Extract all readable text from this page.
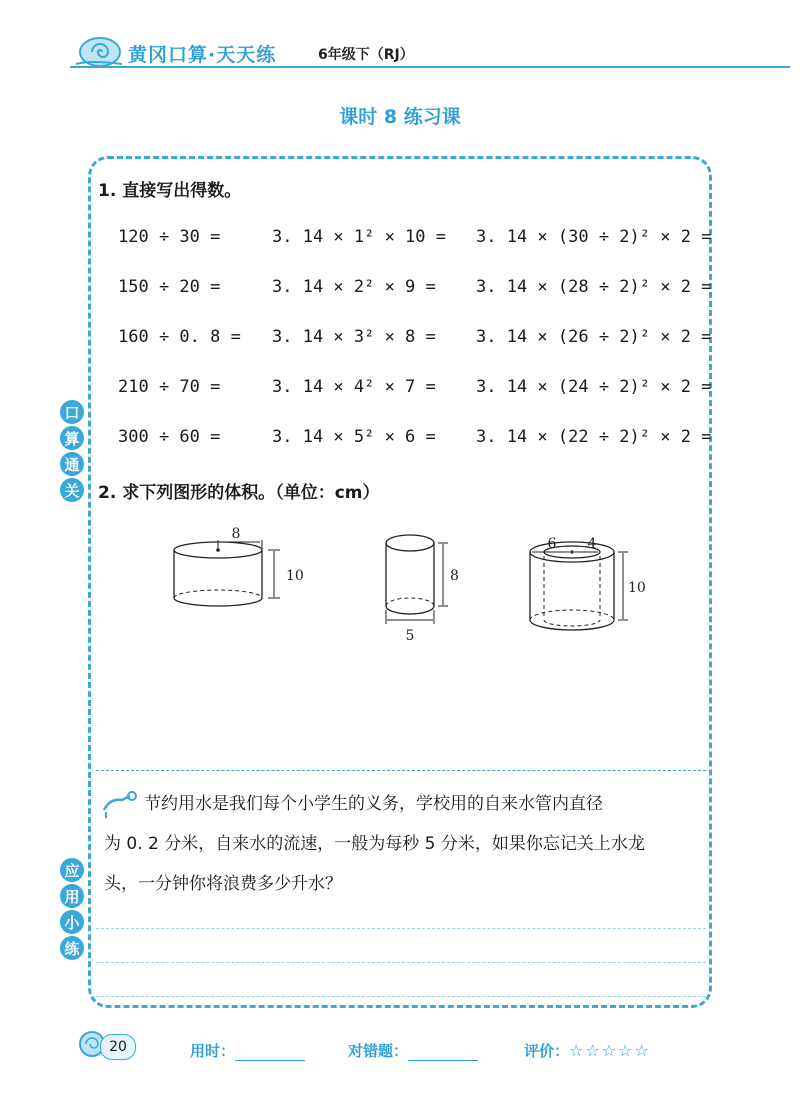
黄冈口算·天天练	6年级下（RJ）
课时 8 练习课
口
算
通
关
应
用
小
练
1. 直接写出得数。
120 ÷ 30 =	3. 14 × 1² × 10 = 3. 14 × (30 ÷ 2)² × 2 =
150 ÷ 20 =	3. 14 × 2² × 9 = 3. 14 × (28 ÷ 2)² × 2 =
160 ÷ 0. 8 = 3. 14 × 3² × 8 = 3. 14 × (26 ÷ 2)² × 2 =
210 ÷ 70 =	3. 14 × 4² × 7 = 3. 14 × (24 ÷ 2)² × 2 =
300 ÷ 60 =	3. 14 × 5² × 6 = 3. 14 × (22 ÷ 2)² × 2 =
2. 求下列图形的体积。（单位：cm）
8
10	8
5
6 4
10
节约用水是我们每个小学生的义务，学校用的自来水管内直径
为 0. 2 分米，自来水的流速，一般为每秒 5 分米，如果你忘记关上水龙
头，一分钟你将浪费多少升水？
20	用时：	对错题：	评价：☆☆☆☆☆
